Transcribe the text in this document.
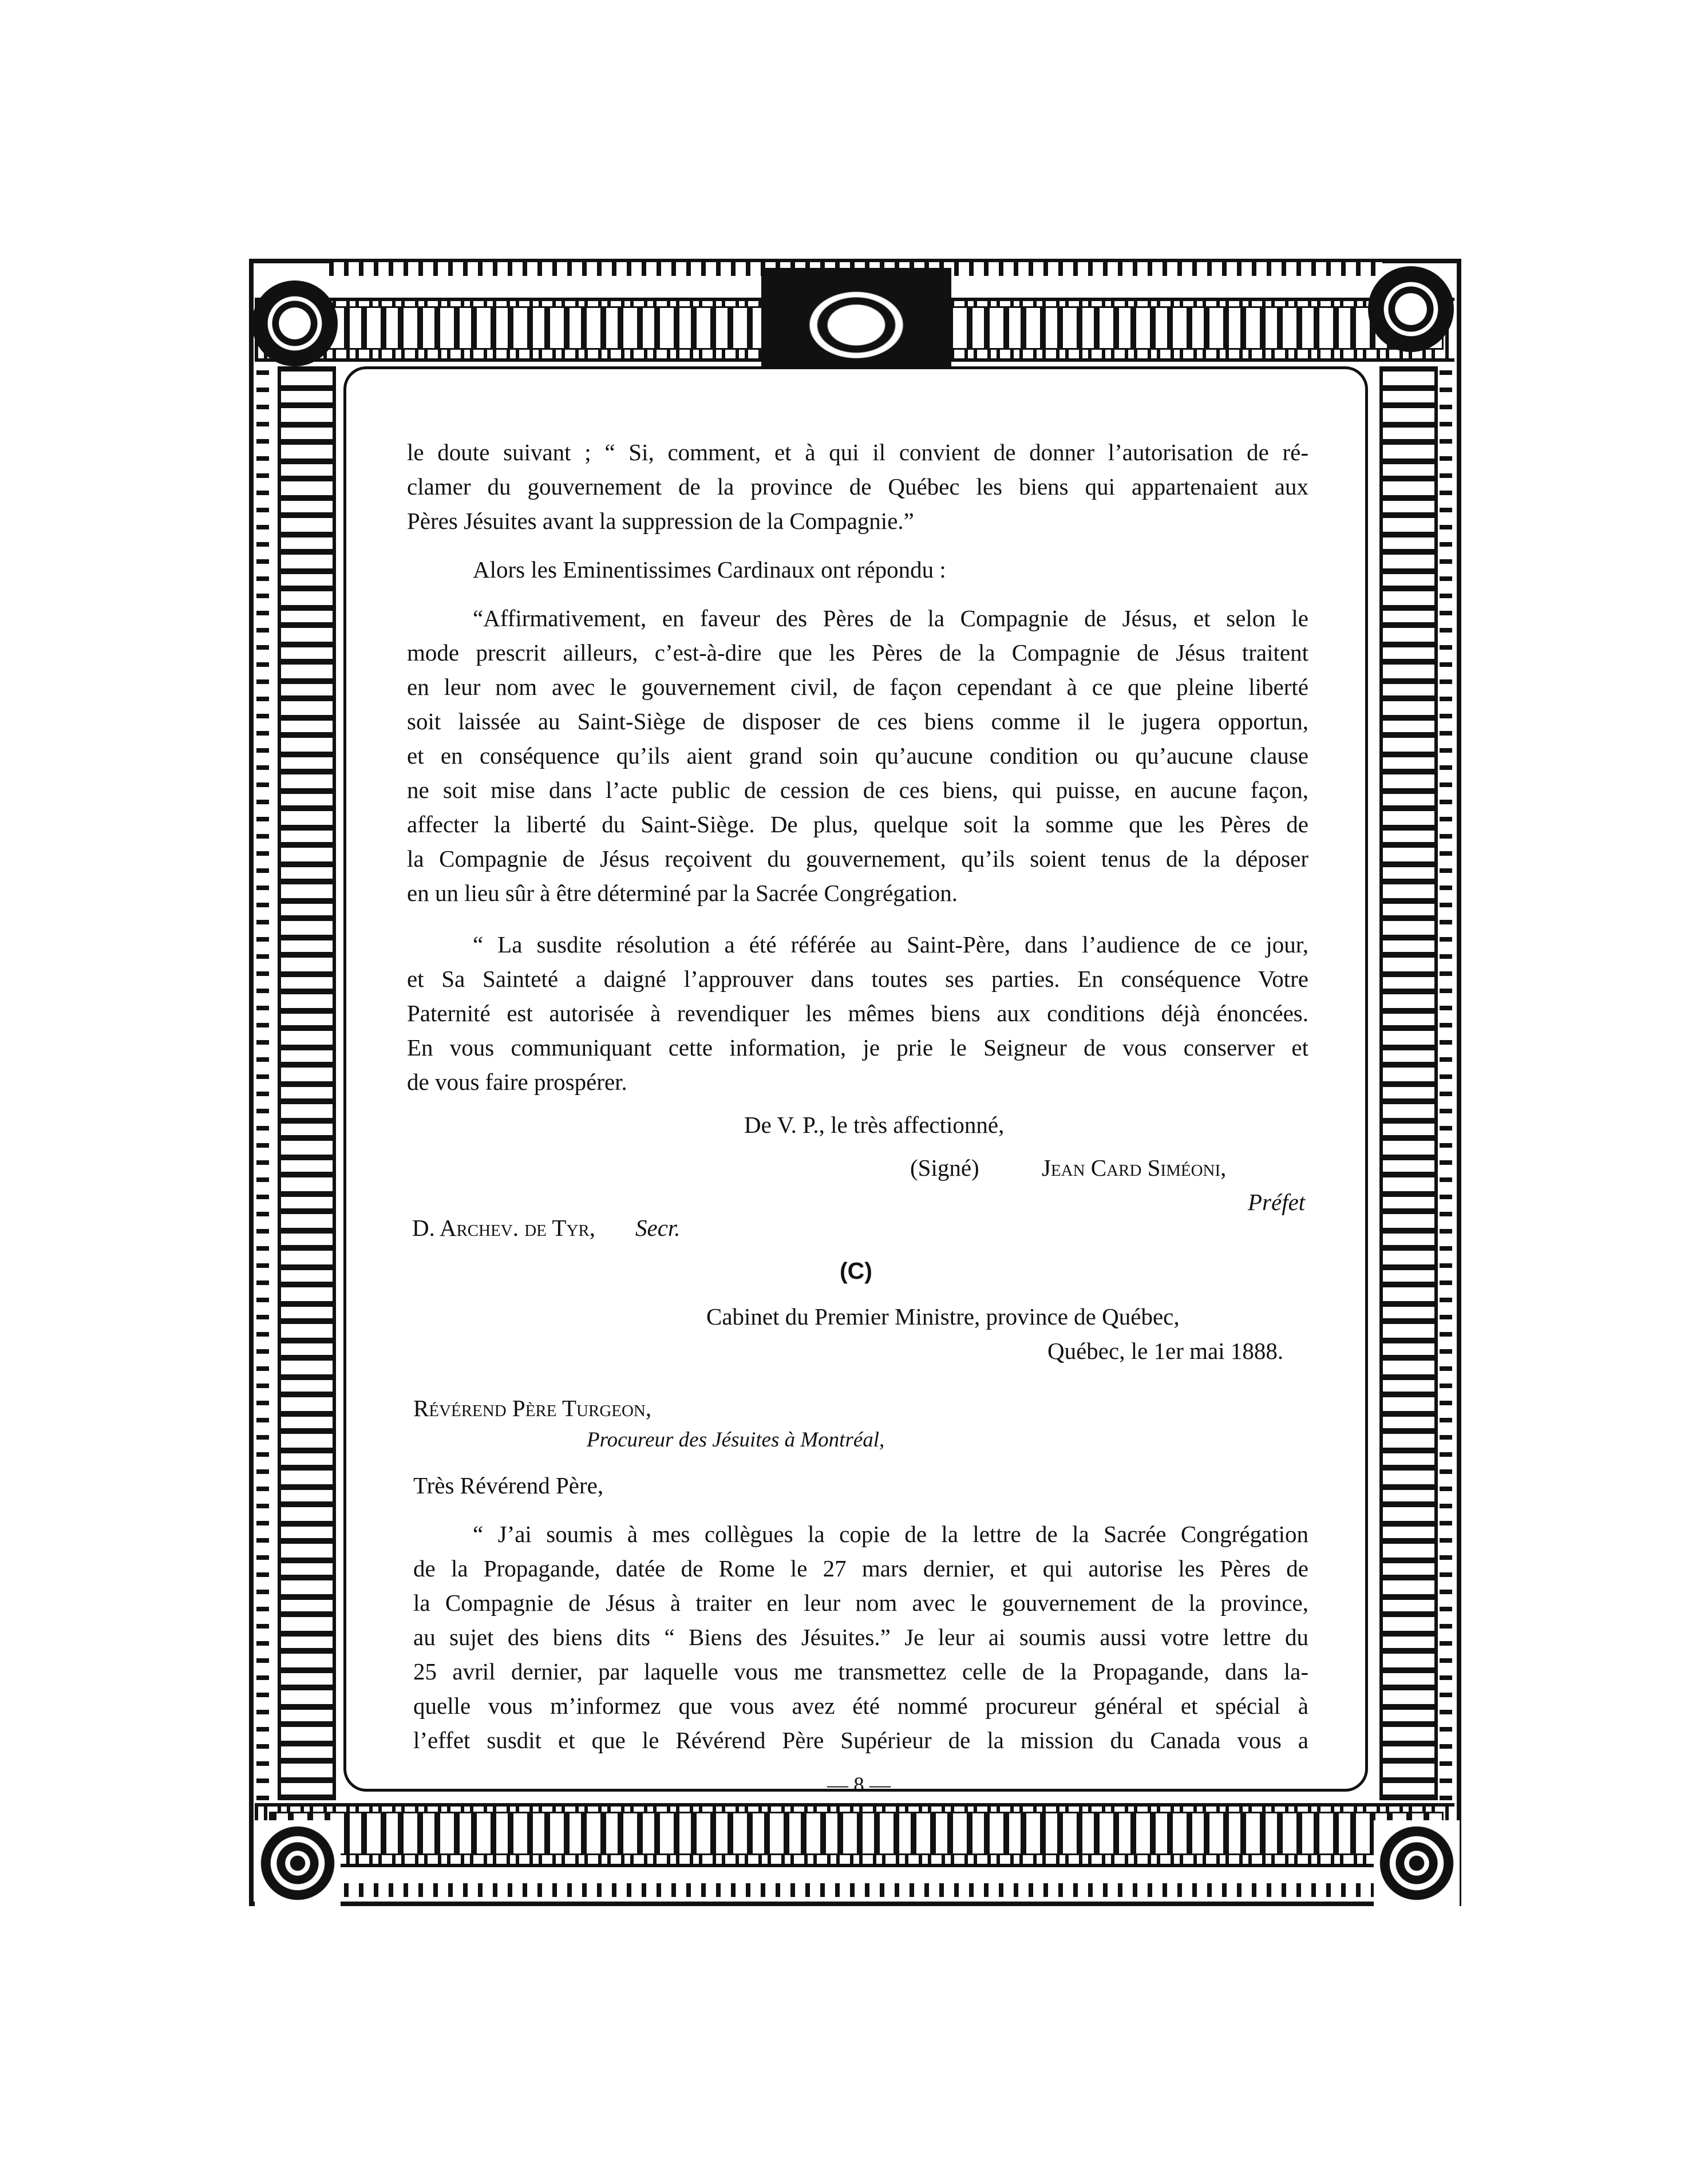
le doute suivant ; “ Si, comment, et à qui il convient de donner l’autorisation de ré-
clamer du gouvernement de la province de Québec les biens qui appartenaient aux
Pères Jésuites avant la suppression de la Compagnie.”
Alors les Eminentissimes Cardinaux ont répondu :
“Affirmativement, en faveur des Pères de la Compagnie de Jésus, et selon le
mode prescrit ailleurs, c’est-à-dire que les Pères de la Compagnie de Jésus traitent
en leur nom avec le gouvernement civil, de façon cependant à ce que pleine liberté
soit laissée au Saint-Siège de disposer de ces biens comme il le jugera opportun,
et en conséquence qu’ils aient grand soin qu’aucune condition ou qu’aucune clause
ne soit mise dans l’acte public de cession de ces biens, qui puisse, en aucune façon,
affecter la liberté du Saint-Siège. De plus, quelque soit la somme que les Pères de
la Compagnie de Jésus reçoivent du gouvernement, qu’ils soient tenus de la déposer
en un lieu sûr à être déterminé par la Sacrée Congrégation.
“ La susdite résolution a été référée au Saint-Père, dans l’audience de ce jour,
et Sa Sainteté a daigné l’approuver dans toutes ses parties. En conséquence Votre
Paternité est autorisée à revendiquer les mêmes biens aux conditions déjà énoncées.
En vous communiquant cette information, je prie le Seigneur de vous conserver et
de vous faire prospérer.
De V. P., le très affectionné,
(Signé)	Jean Card Siméoni,
Préfet
D. Archev. de Tyr, Secr.
(C)
Cabinet du Premier Ministre, province de Québec,
Québec, le 1er mai 1888.
Révérend Père Turgeon,
Procureur des Jésuites à Montréal,
Très Révérend Père,
“ J’ai soumis à mes collègues la copie de la lettre de la Sacrée Congrégation
de la Propagande, datée de Rome le 27 mars dernier, et qui autorise les Pères de
la Compagnie de Jésus à traiter en leur nom avec le gouvernement de la province,
au sujet des biens dits “ Biens des Jésuites.” Je leur ai soumis aussi votre lettre du
25 avril dernier, par laquelle vous me transmettez celle de la Propagande, dans la-
quelle vous m’informez que vous avez été nommé procureur général et spécial à
l’effet susdit et que le Révérend Père Supérieur de la mission du Canada vous a
— 8 —
